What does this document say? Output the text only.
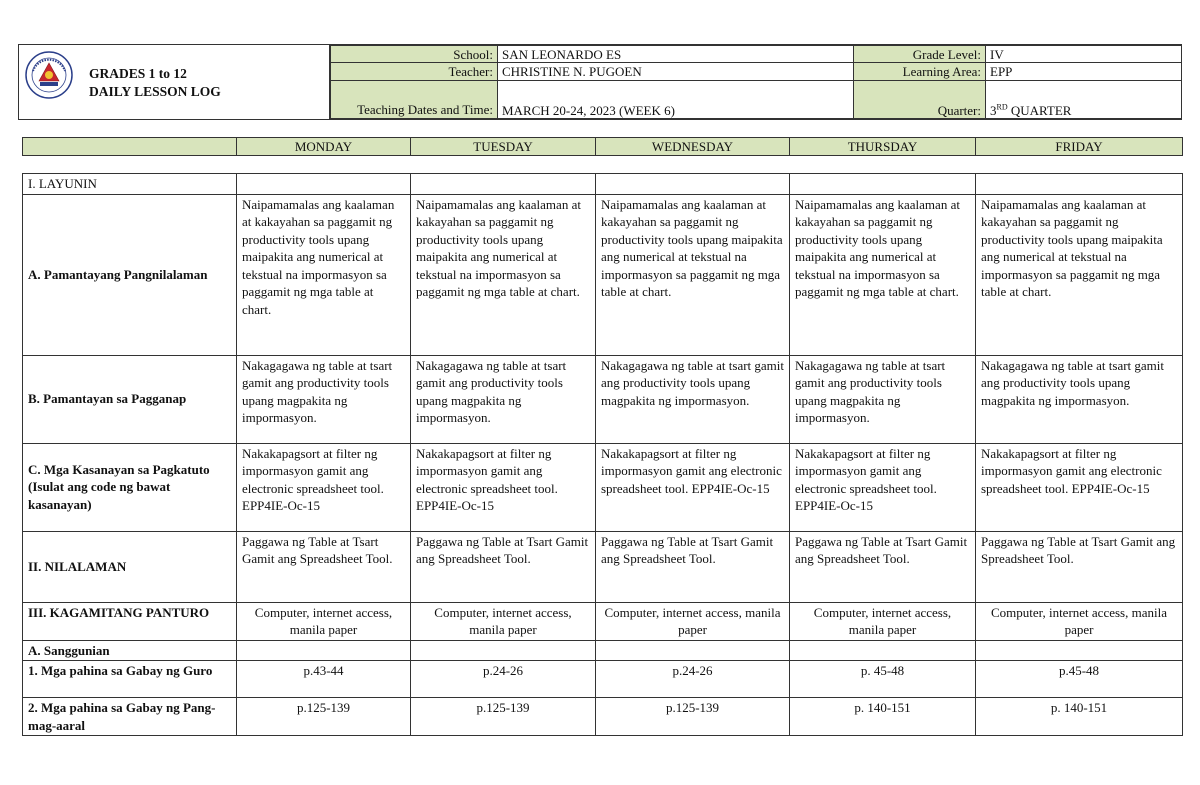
GRADES 1 to 12
DAILY LESSON LOG
School:	SAN LEONARDO ES	Grade Level:	IV
Teacher:	CHRISTINE N. PUGOEN	Learning Area:	EPP
Teaching Dates and Time:	MARCH 20-24, 2023 (WEEK 6)	Quarter:	3RD QUARTER
	MONDAY	TUESDAY	WEDNESDAY	THURSDAY	FRIDAY
I. LAYUNIN					
A. Pamantayang Pangnilalaman	Naipamamalas ang kaalaman at kakayahan sa paggamit ng productivity tools upang maipakita ang numerical at tekstual na impormasyon sa paggamit ng mga table at chart.	Naipamamalas ang kaalaman at kakayahan sa paggamit ng productivity tools upang maipakita ang numerical at tekstual na impormasyon sa paggamit ng mga table at chart.	Naipamamalas ang kaalaman at kakayahan sa paggamit ng productivity tools upang maipakita ang numerical at tekstual na impormasyon sa paggamit ng mga table at chart.	Naipamamalas ang kaalaman at kakayahan sa paggamit ng productivity tools upang maipakita ang numerical at tekstual na impormasyon sa paggamit ng mga table at chart.	Naipamamalas ang kaalaman at kakayahan sa paggamit ng productivity tools upang maipakita ang numerical at tekstual na impormasyon sa paggamit ng mga table at chart.
B. Pamantayan sa Pagganap	Nakagagawa ng table at tsart gamit ang productivity tools upang magpakita ng impormasyon.	Nakagagawa ng table at tsart gamit ang productivity tools upang magpakita ng impormasyon.	Nakagagawa ng table at tsart gamit ang productivity tools upang magpakita ng impormasyon.	Nakagagawa ng table at tsart gamit ang productivity tools upang magpakita ng impormasyon.	Nakagagawa ng table at tsart gamit ang productivity tools upang magpakita ng impormasyon.
C. Mga Kasanayan sa Pagkatuto (Isulat ang code ng bawat kasanayan)	Nakakapagsort at filter ng impormasyon gamit ang electronic spreadsheet tool. EPP4IE-Oc-15	Nakakapagsort at filter ng impormasyon gamit ang electronic spreadsheet tool. EPP4IE-Oc-15	Nakakapagsort at filter ng impormasyon gamit ang electronic spreadsheet tool. EPP4IE-Oc-15	Nakakapagsort at filter ng impormasyon gamit ang electronic spreadsheet tool. EPP4IE-Oc-15	Nakakapagsort at filter ng impormasyon gamit ang electronic spreadsheet tool. EPP4IE-Oc-15
II. NILALAMAN	Paggawa ng Table at Tsart Gamit ang Spreadsheet Tool.	Paggawa ng Table at Tsart Gamit ang Spreadsheet Tool.	Paggawa ng Table at Tsart Gamit ang Spreadsheet Tool.	Paggawa ng Table at Tsart Gamit ang Spreadsheet Tool.	Paggawa ng Table at Tsart Gamit ang Spreadsheet Tool.
III. KAGAMITANG PANTURO	Computer, internet access, manila paper	Computer, internet access, manila paper	Computer, internet access, manila paper	Computer, internet access, manila paper	Computer, internet access, manila paper
A. Sanggunian					
1. Mga pahina sa Gabay ng Guro	p.43-44	p.24-26	p.24-26	p. 45-48	p.45-48
2. Mga pahina sa Gabay ng Pang-mag-aaral	p.125-139	p.125-139	p.125-139	p. 140-151	p. 140-151
